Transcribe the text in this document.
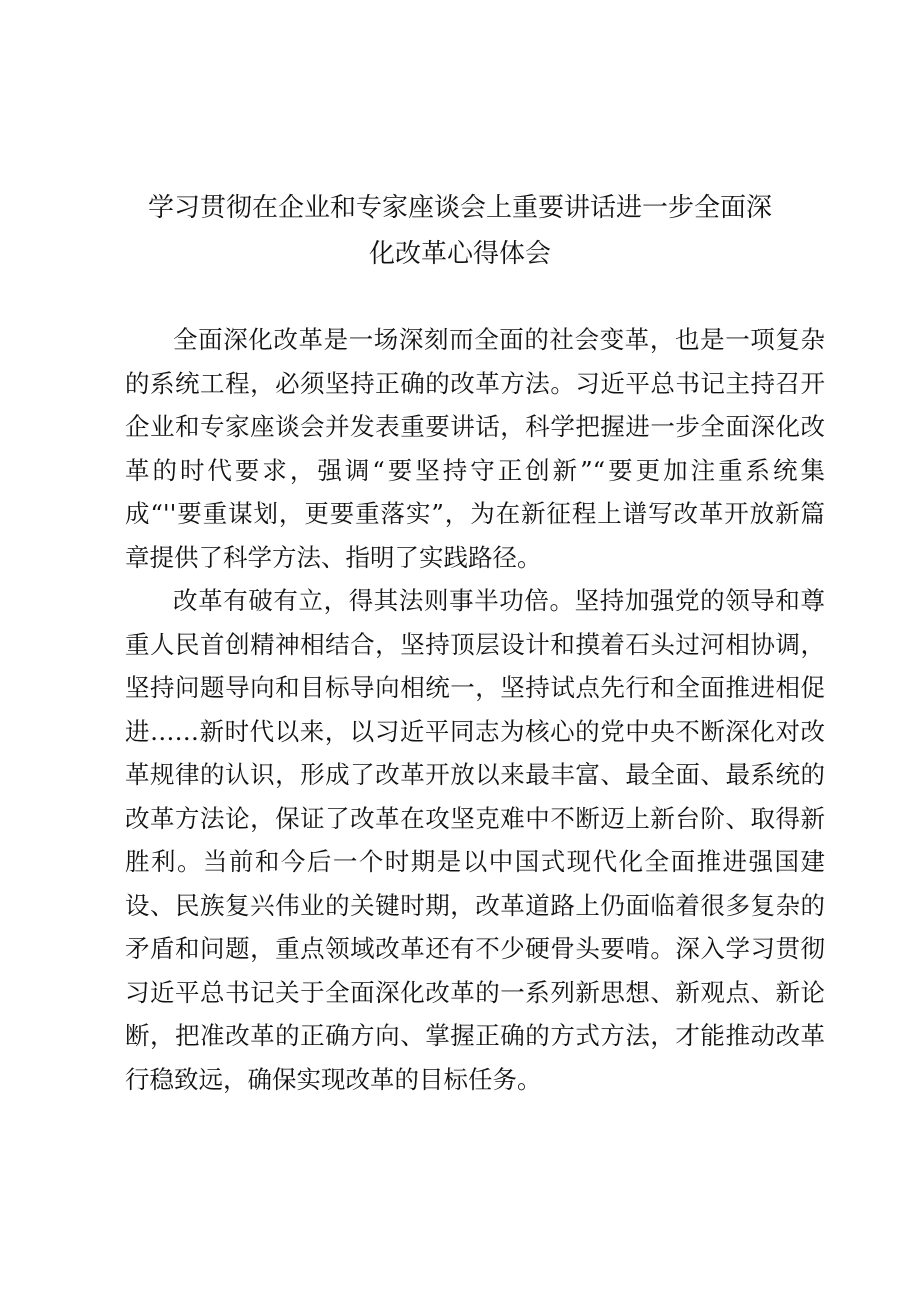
学习贯彻在企业和专家座谈会上重要讲话进一步全面深
化改革心得体会

全面深化改革是一场深刻而全面的社会变革，也是一项复杂的系统工程，必须坚持正确的改革方法。习近平总书记主持召开企业和专家座谈会并发表重要讲话，科学把握进一步全面深化改革的时代要求，强调“要坚持守正创新”“要更加注重系统集成“''要重谋划，更要重落实”，为在新征程上谱写改革开放新篇章提供了科学方法、指明了实践路径。

改革有破有立，得其法则事半功倍。坚持加强党的领导和尊重人民首创精神相结合，坚持顶层设计和摸着石头过河相协调，坚持问题导向和目标导向相统一，坚持试点先行和全面推进相促进……新时代以来，以习近平同志为核心的党中央不断深化对改革规律的认识，形成了改革开放以来最丰富、最全面、最系统的改革方法论，保证了改革在攻坚克难中不断迈上新台阶、取得新胜利。当前和今后一个时期是以中国式现代化全面推进强国建设、民族复兴伟业的关键时期，改革道路上仍面临着很多复杂的矛盾和问题，重点领域改革还有不少硬骨头要啃。深入学习贯彻习近平总书记关于全面深化改革的一系列新思想、新观点、新论断，把准改革的正确方向、掌握正确的方式方法，才能推动改革行稳致远，确保实现改革的目标任务。
